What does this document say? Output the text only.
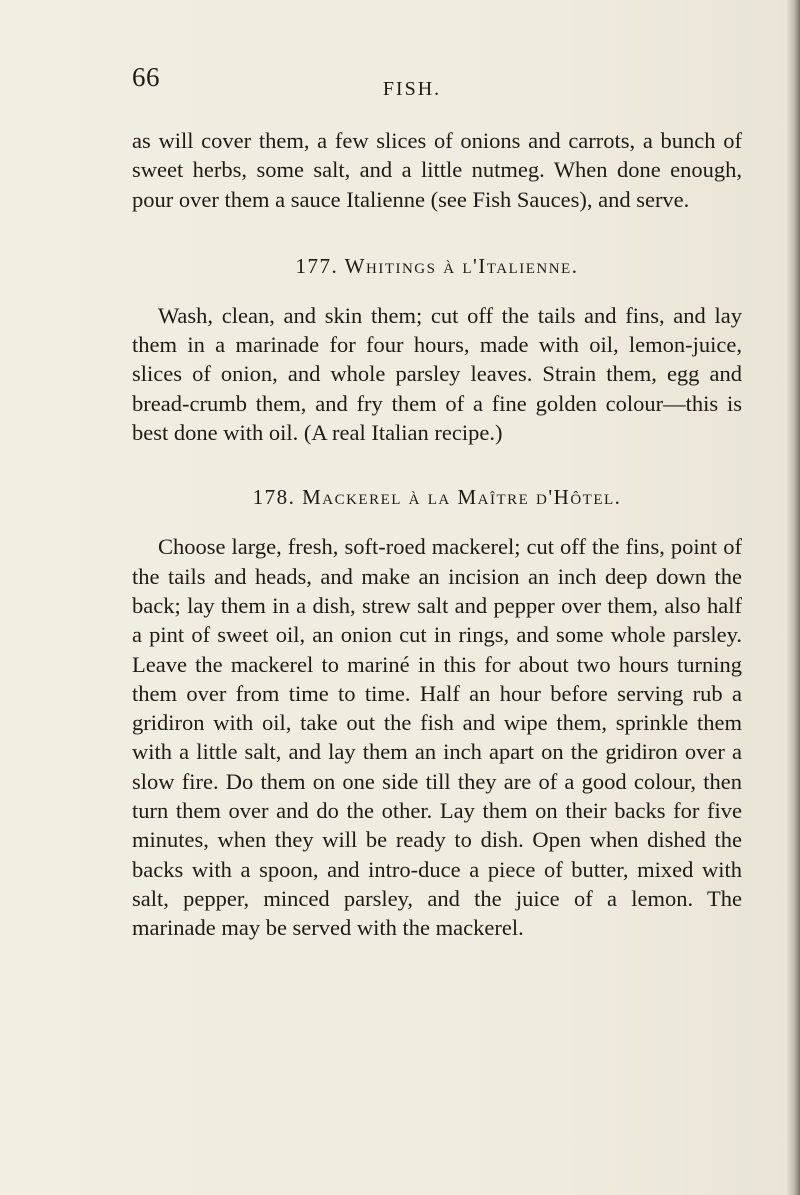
66	FISH.

as will cover them, a few slices of onions and carrots, a bunch of sweet herbs, some salt, and a little nutmeg. When done enough, pour over them a sauce Italienne (see Fish Sauces), and serve.

177. Whitings à l'Italienne.

Wash, clean, and skin them; cut off the tails and fins, and lay them in a marinade for four hours, made with oil, lemon-juice, slices of onion, and whole parsley leaves. Strain them, egg and bread-crumb them, and fry them of a fine golden colour—this is best done with oil. (A real Italian recipe.)

178. Mackerel à la Maître d'Hôtel.

Choose large, fresh, soft-roed mackerel; cut off the fins, point of the tails and heads, and make an incision an inch deep down the back; lay them in a dish, strew salt and pepper over them, also half a pint of sweet oil, an onion cut in rings, and some whole parsley. Leave the mackerel to mariné in this for about two hours turning them over from time to time. Half an hour before serving rub a gridiron with oil, take out the fish and wipe them, sprinkle them with a little salt, and lay them an inch apart on the gridiron over a slow fire. Do them on one side till they are of a good colour, then turn them over and do the other. Lay them on their backs for five minutes, when they will be ready to dish. Open when dished the backs with a spoon, and intro-duce a piece of butter, mixed with salt, pepper, minced parsley, and the juice of a lemon. The marinade may be served with the mackerel.
